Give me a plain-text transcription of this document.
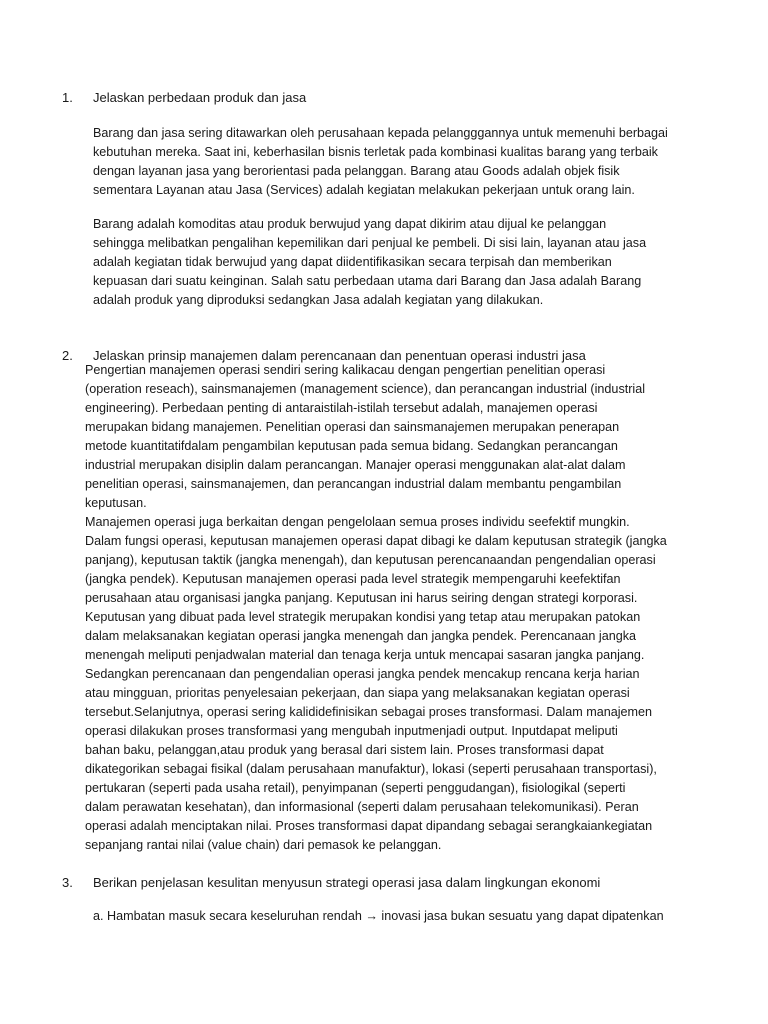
1. Jelaskan perbedaan produk dan jasa

Barang dan jasa sering ditawarkan oleh perusahaan kepada pelangggannya untuk memenuhi berbagai
kebutuhan mereka. Saat ini, keberhasilan bisnis terletak pada kombinasi kualitas barang yang terbaik
dengan layanan jasa yang berorientasi pada pelanggan. Barang atau Goods adalah objek fisik
sementara Layanan atau Jasa (Services) adalah kegiatan melakukan pekerjaan untuk orang lain.

Barang adalah komoditas atau produk berwujud yang dapat dikirim atau dijual ke pelanggan
sehingga melibatkan pengalihan kepemilikan dari penjual ke pembeli. Di sisi lain, layanan atau jasa
adalah kegiatan tidak berwujud yang dapat diidentifikasikan secara terpisah dan memberikan
kepuasan dari suatu keinginan. Salah satu perbedaan utama dari Barang dan Jasa adalah Barang
adalah produk yang diproduksi sedangkan Jasa adalah kegiatan yang dilakukan.

2. Jelaskan prinsip manajemen dalam perencanaan dan penentuan operasi industri jasa

Pengertian manajemen operasi sendiri sering kalikacau dengan pengertian penelitian operasi
(operation reseach), sainsmanajemen (management science), dan perancangan industrial (industrial
engineering). Perbedaan penting di antaraistilah-istilah tersebut adalah, manajemen operasi
merupakan bidang manajemen. Penelitian operasi dan sainsmanajemen merupakan penerapan
metode kuantitatifdalam pengambilan keputusan pada semua bidang. Sedangkan perancangan
industrial merupakan disiplin dalam perancangan. Manajer operasi menggunakan alat-alat dalam
penelitian operasi, sainsmanajemen, dan perancangan industrial dalam membantu pengambilan
keputusan.
Manajemen operasi juga berkaitan dengan pengelolaan semua proses individu seefektif mungkin.
Dalam fungsi operasi, keputusan manajemen operasi dapat dibagi ke dalam keputusan strategik (jangka
panjang), keputusan taktik (jangka menengah), dan keputusan perencanaandan pengendalian operasi
(jangka pendek). Keputusan manajemen operasi pada level strategik mempengaruhi keefektifan
perusahaan atau organisasi jangka panjang. Keputusan ini harus seiring dengan strategi korporasi.
Keputusan yang dibuat pada level strategik merupakan kondisi yang tetap atau merupakan patokan
dalam melaksanakan kegiatan operasi jangka menengah dan jangka pendek. Perencanaan jangka
menengah meliputi penjadwalan material dan tenaga kerja untuk mencapai sasaran jangka panjang.
Sedangkan perencanaan dan pengendalian operasi jangka pendek mencakup rencana kerja harian
atau mingguan, prioritas penyelesaian pekerjaan, dan siapa yang melaksanakan kegiatan operasi
tersebut.Selanjutnya, operasi sering kalididefinisikan sebagai proses transformasi. Dalam manajemen
operasi dilakukan proses transformasi yang mengubah inputmenjadi output. Inputdapat meliputi
bahan baku, pelanggan,atau produk yang berasal dari sistem lain. Proses transformasi dapat
dikategorikan sebagai fisikal (dalam perusahaan manufaktur), lokasi (seperti perusahaan transportasi),
pertukaran (seperti pada usaha retail), penyimpanan (seperti penggudangan), fisiologikal (seperti
dalam perawatan kesehatan), dan informasional (seperti dalam perusahaan telekomunikasi). Peran
operasi adalah menciptakan nilai. Proses transformasi dapat dipandang sebagai serangkaiankegiatan
sepanjang rantai nilai (value chain) dari pemasok ke pelanggan.

3. Berikan penjelasan kesulitan menyusun strategi operasi jasa dalam lingkungan ekonomi

a. Hambatan masuk secara keseluruhan rendah → inovasi jasa bukan sesuatu yang dapat dipatenkan
